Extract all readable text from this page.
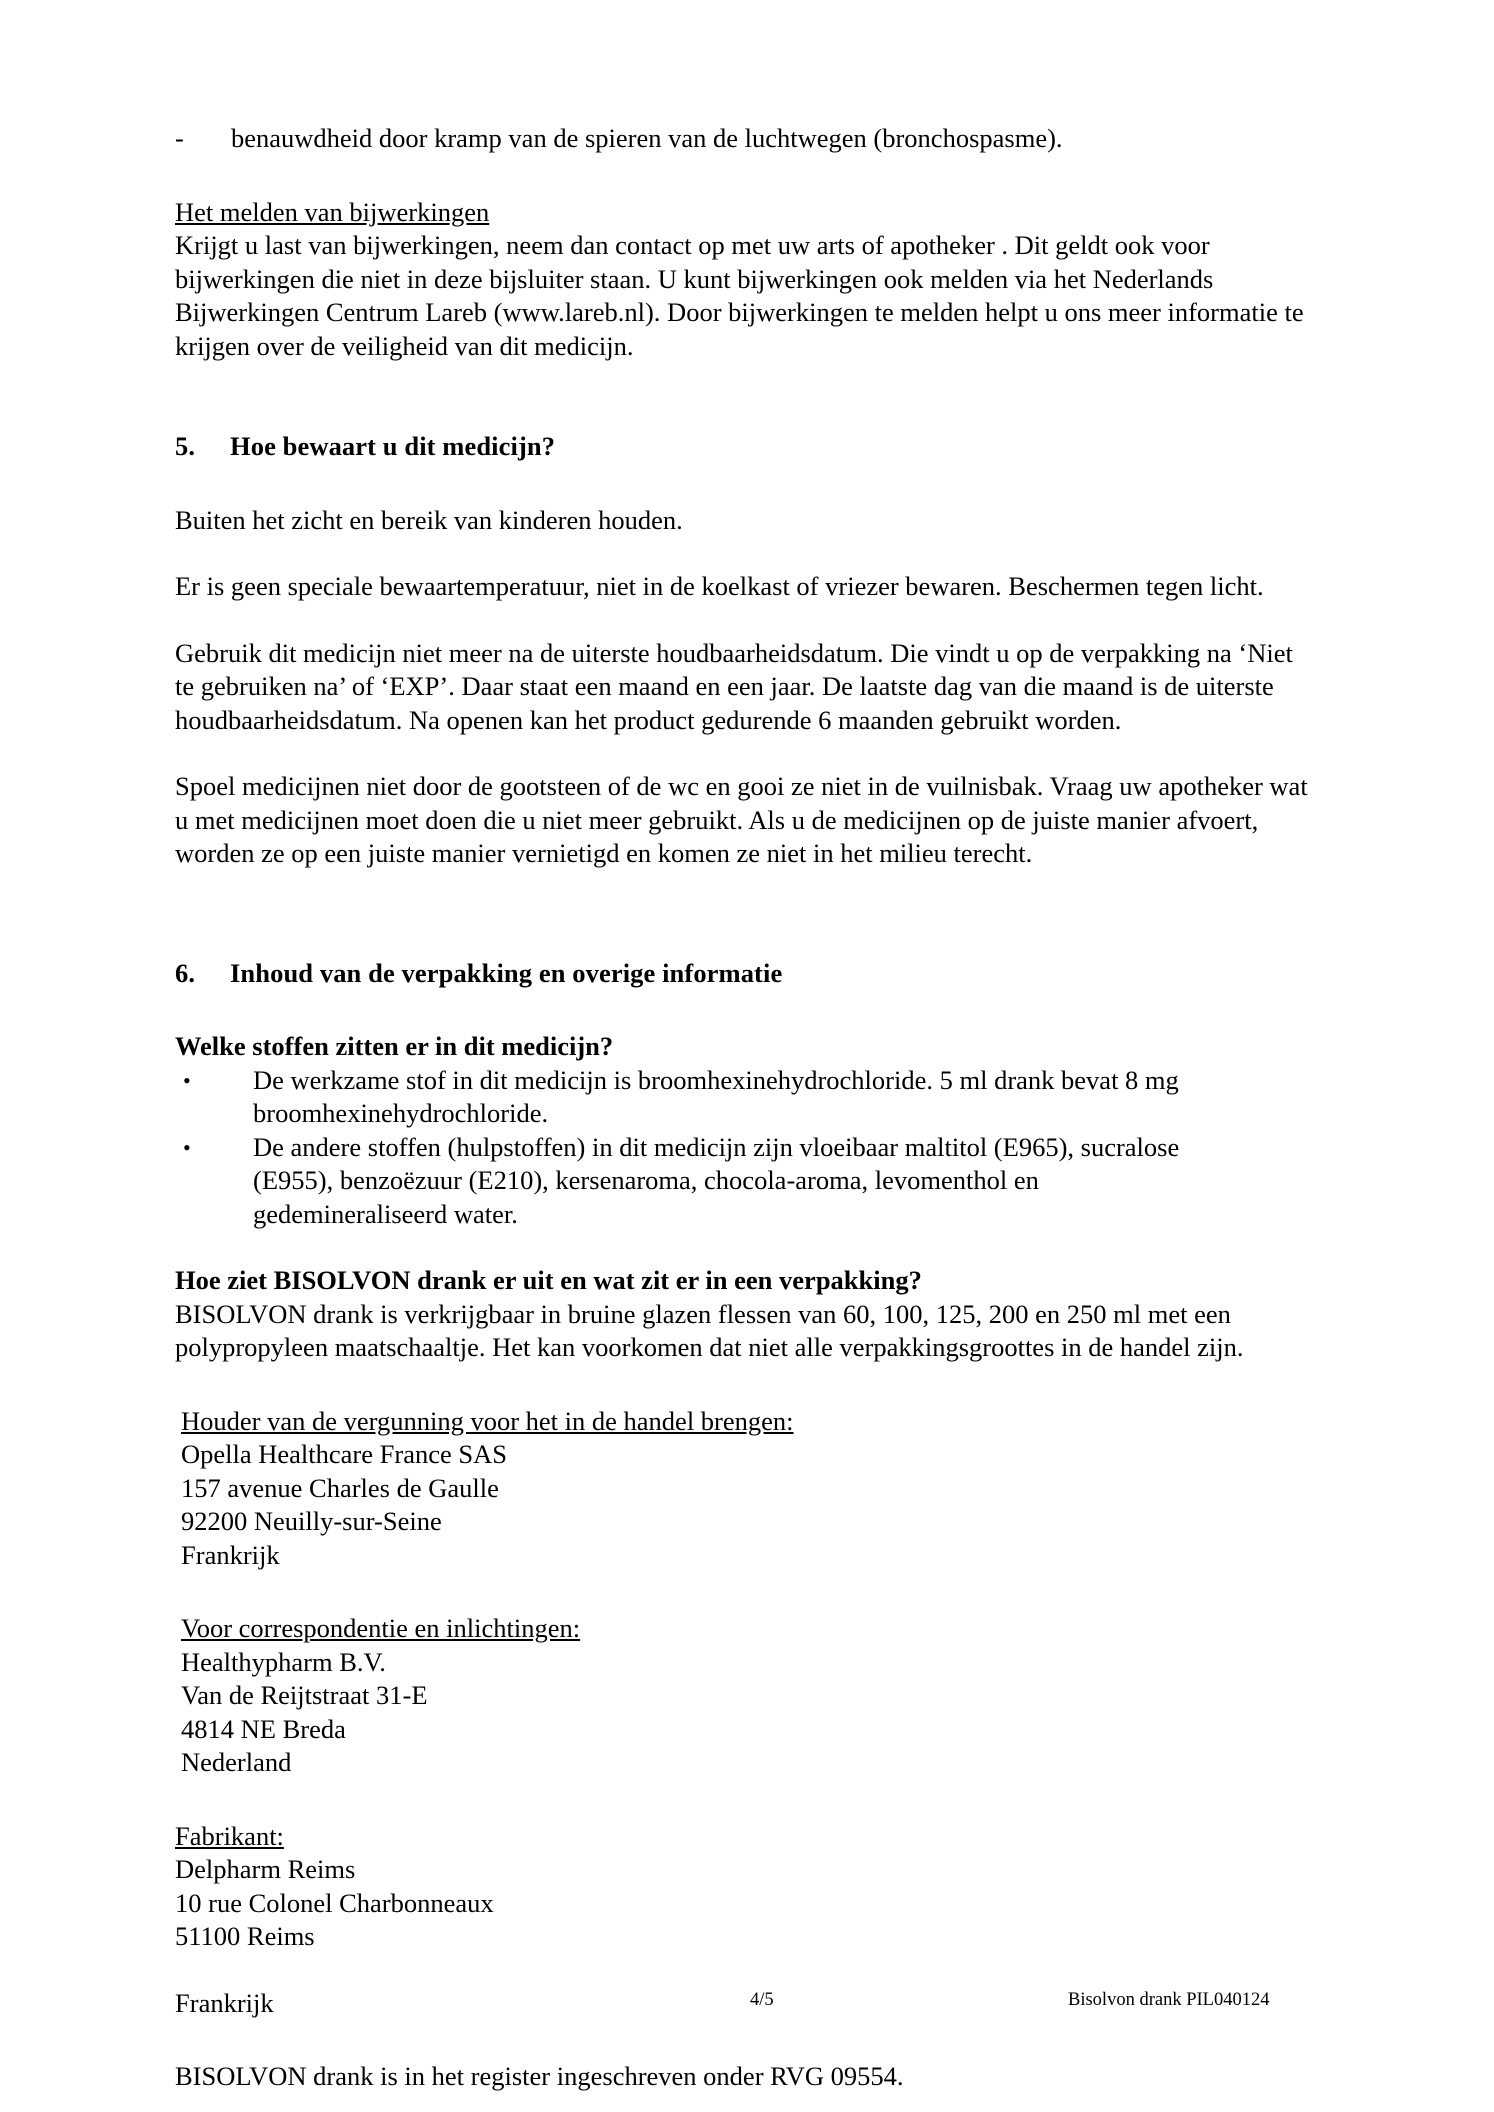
-	benauwdheid door kramp van de spieren van de luchtwegen (bronchospasme).
Het melden van bijwerkingen

Krijgt u last van bijwerkingen, neem dan contact op met uw arts of apotheker . Dit geldt ook voor bijwerkingen die niet in deze bijsluiter staan. U kunt bijwerkingen ook melden via het Nederlands Bijwerkingen Centrum Lareb (www.lareb.nl). Door bijwerkingen te melden helpt u ons meer informatie te krijgen over de veiligheid van dit medicijn.

5.	Hoe bewaart u dit medicijn?

Buiten het zicht en bereik van kinderen houden.

Er is geen speciale bewaartemperatuur, niet in de koelkast of vriezer bewaren. Beschermen tegen licht.

Gebruik dit medicijn niet meer na de uiterste houdbaarheidsdatum. Die vindt u op de verpakking na ‘Niet te gebruiken na’ of ‘EXP’. Daar staat een maand en een jaar. De laatste dag van die maand is de uiterste houdbaarheidsdatum. Na openen kan het product gedurende 6 maanden gebruikt worden.

Spoel medicijnen niet door de gootsteen of de wc en gooi ze niet in de vuilnisbak. Vraag uw apotheker wat u met medicijnen moet doen die u niet meer gebruikt. Als u de medicijnen op de juiste manier afvoert, worden ze op een juiste manier vernietigd en komen ze niet in het milieu terecht.

6.	Inhoud van de verpakking en overige informatie
Welke stoffen zitten er in dit medicijn?
•	De werkzame stof in dit medicijn is broomhexinehydrochloride. 5 ml drank bevat 8 mg broomhexinehydrochloride.
•	De andere stoffen (hulpstoffen) in dit medicijn zijn vloeibaar maltitol (E965), sucralose (E955), benzoëzuur (E210), kersenaroma, chocola-aroma, levomenthol en gedemineraliseerd water.
Hoe ziet BISOLVON drank er uit en wat zit er in een verpakking?

BISOLVON drank is verkrijgbaar in bruine glazen flessen van 60, 100, 125, 200 en 250 ml met een polypropyleen maatschaaltje. Het kan voorkomen dat niet alle verpakkingsgroottes in de handel zijn.

Houder van de vergunning voor het in de handel brengen:
Opella Healthcare France SAS
157 avenue Charles de Gaulle
92200 Neuilly-sur-Seine
Frankrijk
Voor correspondentie en inlichtingen:
Healthypharm B.V.
Van de Reijtstraat 31-E
4814 NE Breda
Nederland
Fabrikant:
Delpharm Reims
10 rue Colonel Charbonneaux
51100 Reims
Frankrijk

BISOLVON drank is in het register ingeschreven onder RVG 09554.

4/5	Bisolvon drank PIL040124
